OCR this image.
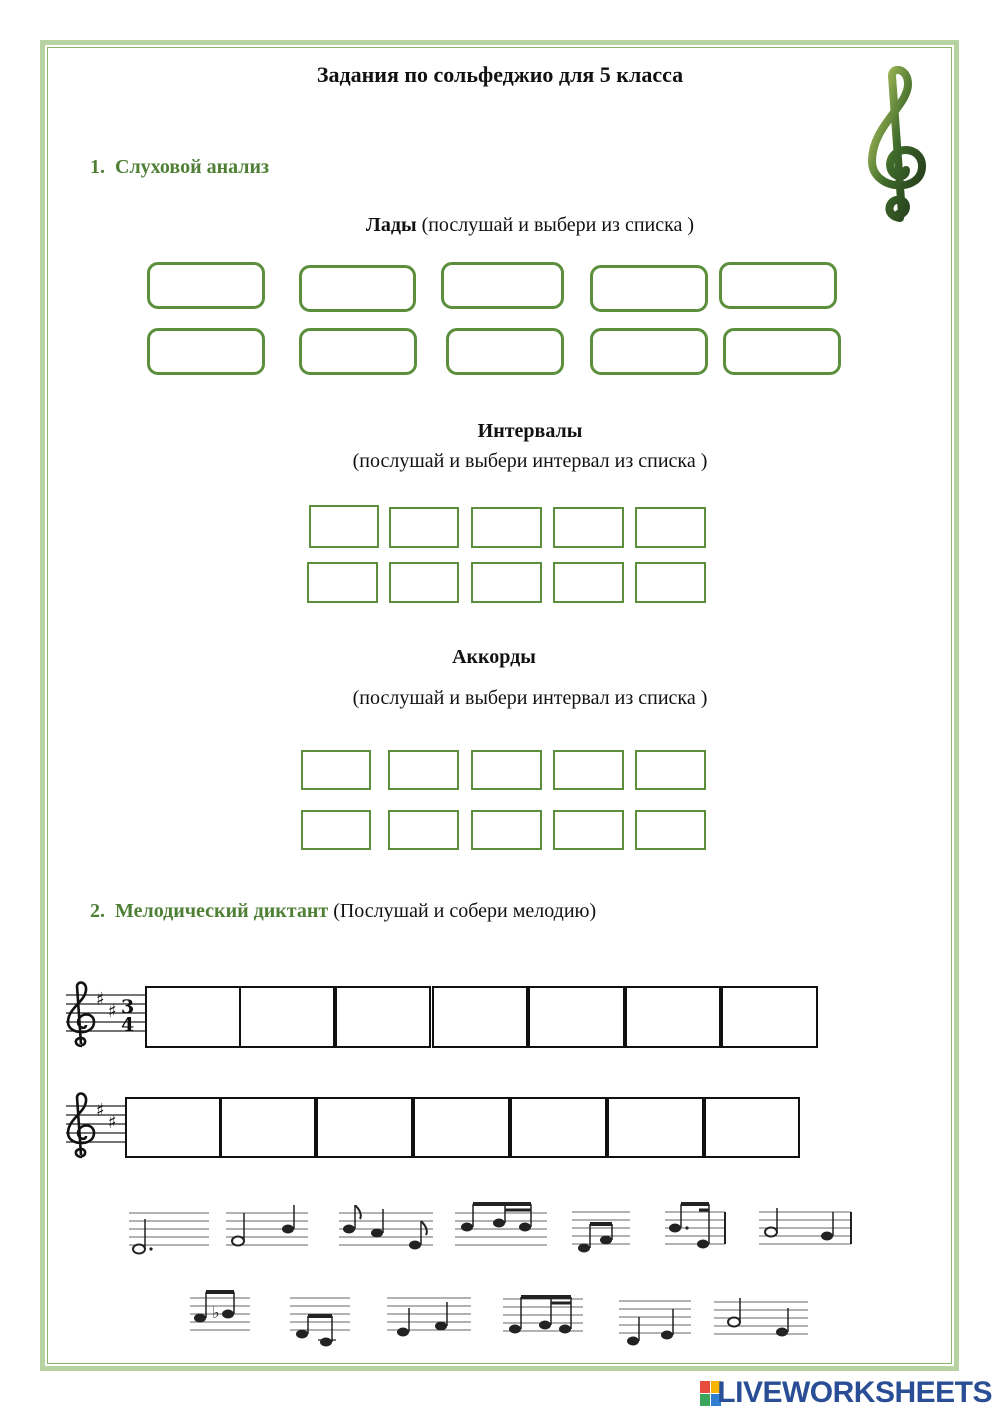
Задания по сольфеджио для 5 класса
1. Слуховой анализ
Лады (послушай и выбери из списка )
Интервалы
(послушай и выбери интервал из списка )
Аккорды
(послушай и выбери интервал из списка )
2. Мелодический диктант (Послушай и собери мелодию)
♯
♯ 3
4
♯
♯
♭
LIVEWORKSHEETS
